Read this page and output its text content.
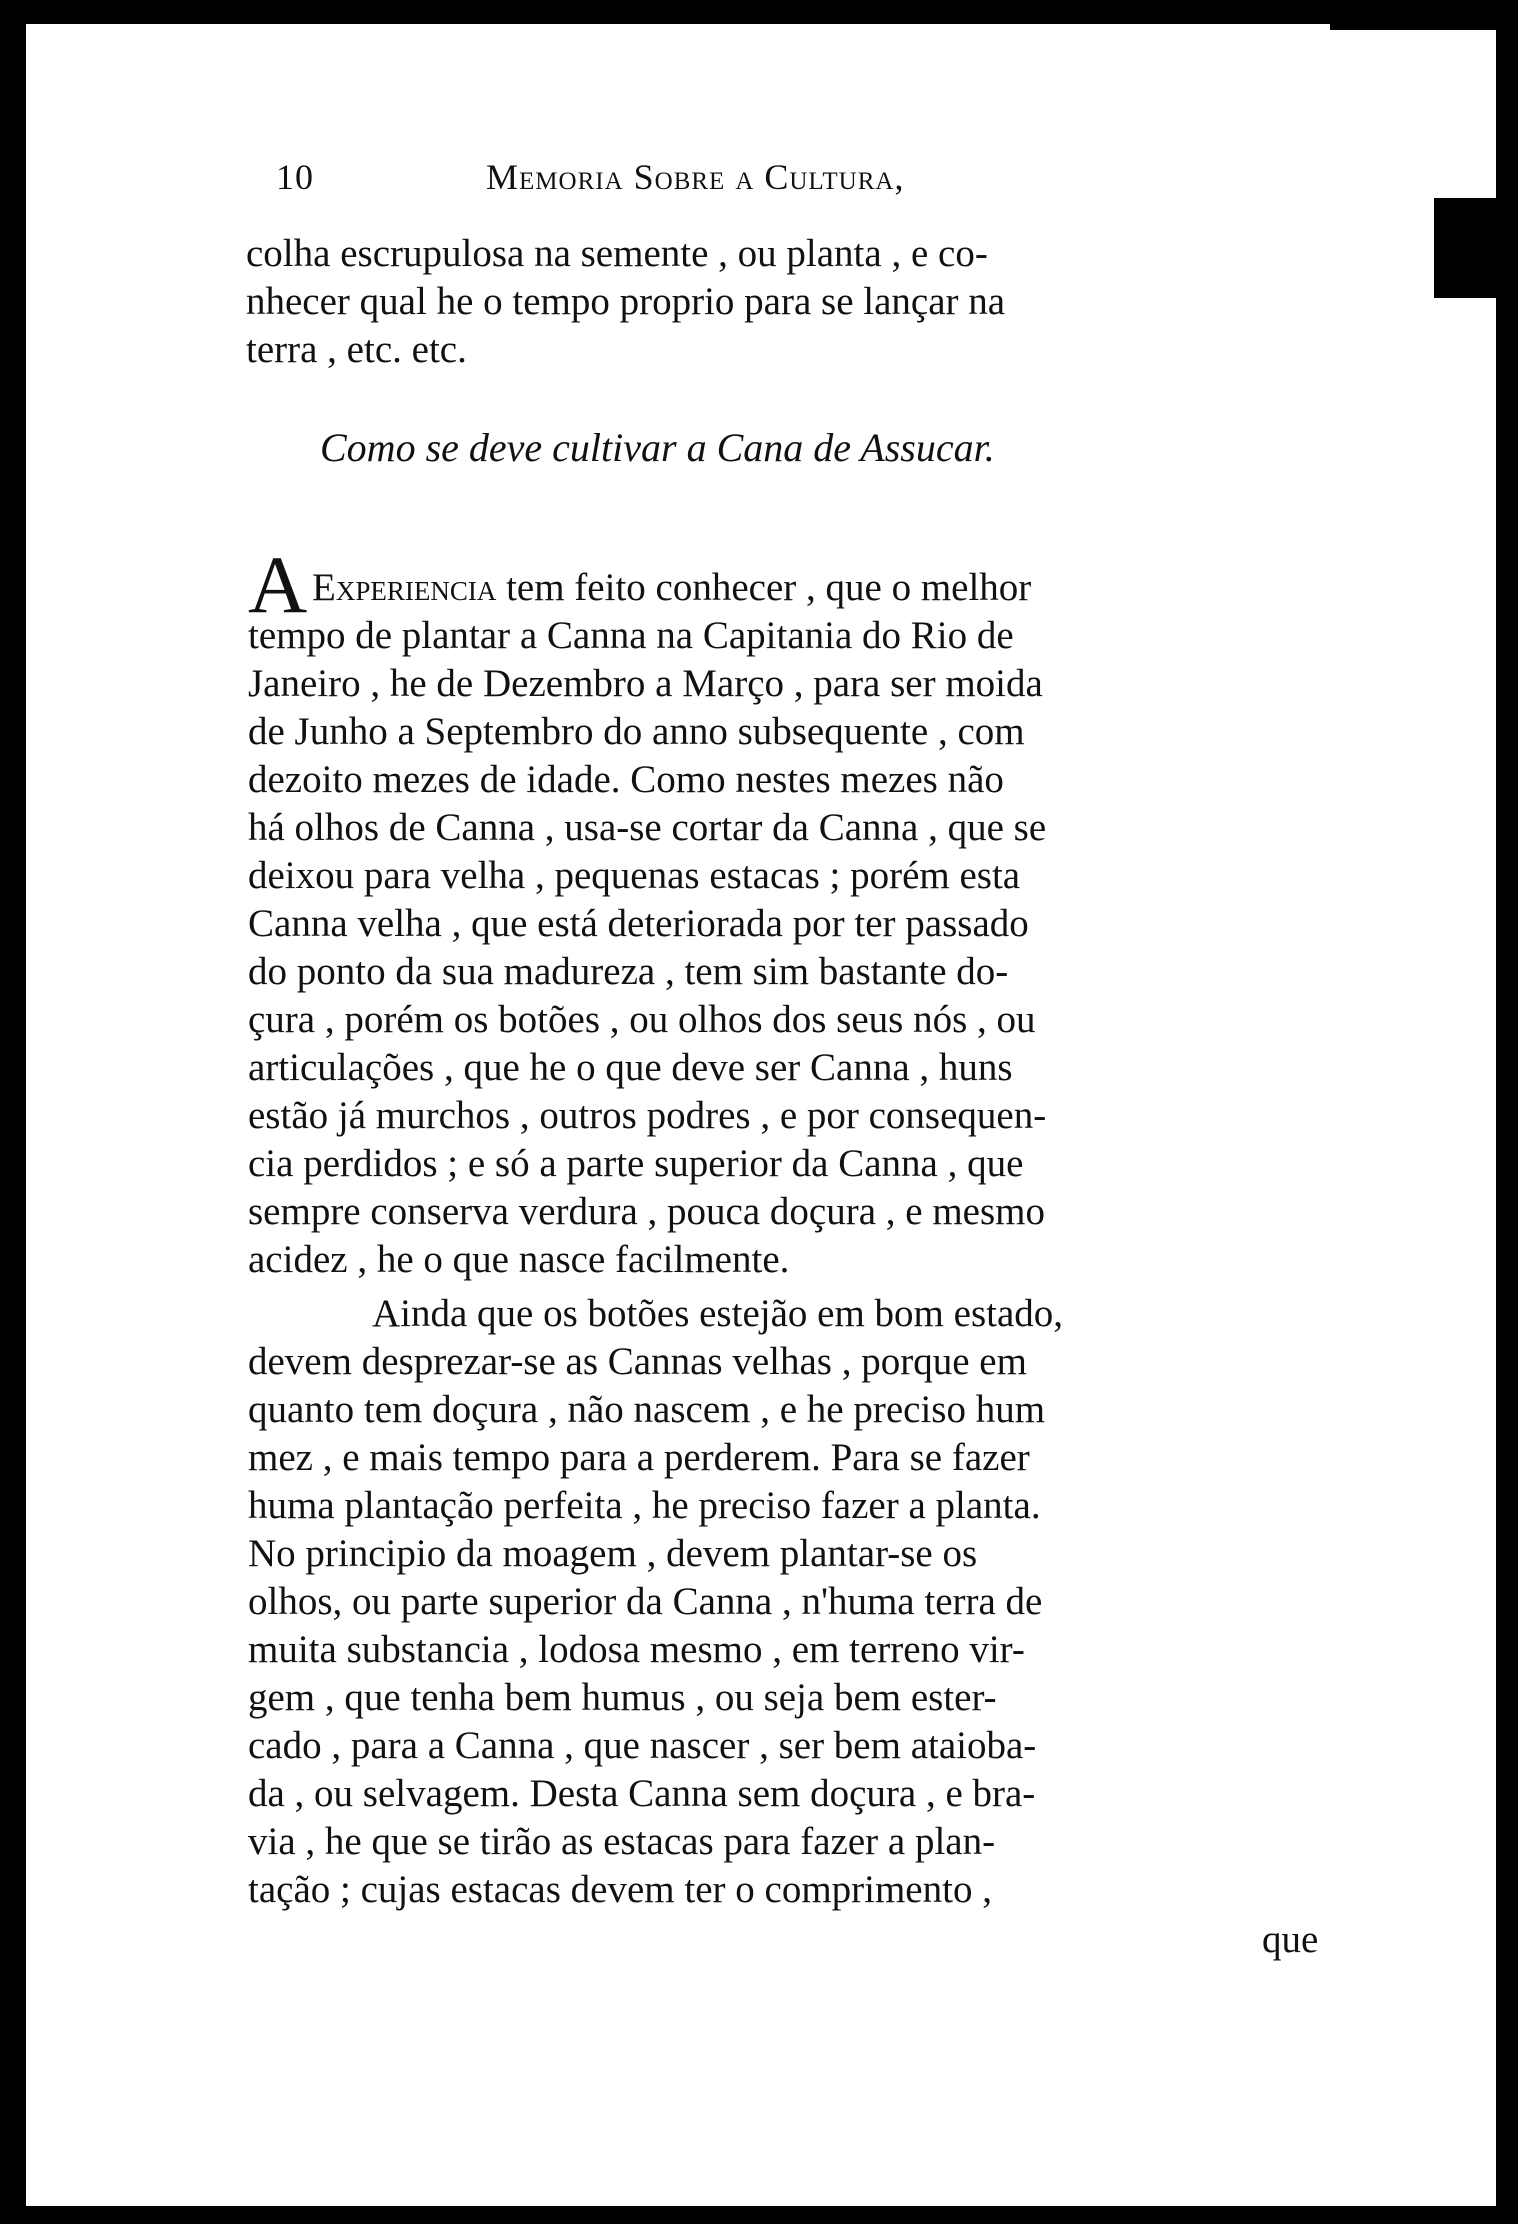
10	Memoria Sobre a Cultura,
colha escrupulosa na semente , ou planta , e co-
nhecer qual he o tempo proprio para se lançar na
terra , etc. etc.
Como se deve cultivar a Cana de Assucar.
A Experiencia tem feito conhecer , que o melhor
tempo de plantar a Canna na Capitania do Rio de
Janeiro , he de Dezembro a Março , para ser moida
de Junho a Septembro do anno subsequente , com
dezoito mezes de idade. Como nestes mezes não
há olhos de Canna , usa-se cortar da Canna , que se
deixou para velha , pequenas estacas ; porém esta
Canna velha , que está deteriorada por ter passado
do ponto da sua madureza , tem sim bastante do-
çura , porém os botões , ou olhos dos seus nós , ou
articulações , que he o que deve ser Canna , huns
estão já murchos , outros podres , e por consequen-
cia perdidos ; e só a parte superior da Canna , que
sempre conserva verdura , pouca doçura , e mesmo
acidez , he o que nasce facilmente.
Ainda que os botões estejão em bom estado,
devem desprezar-se as Cannas velhas , porque em
quanto tem doçura , não nascem , e he preciso hum
mez , e mais tempo para a perderem. Para se fazer
huma plantação perfeita , he preciso fazer a planta.
No principio da moagem , devem plantar-se os
olhos, ou parte superior da Canna , n'huma terra de
muita substancia , lodosa mesmo , em terreno vir-
gem , que tenha bem humus , ou seja bem ester-
cado , para a Canna , que nascer , ser bem ataioba-
da , ou selvagem. Desta Canna sem doçura , e bra-
via , he que se tirão as estacas para fazer a plan-
tação ; cujas estacas devem ter o comprimento ,
que
